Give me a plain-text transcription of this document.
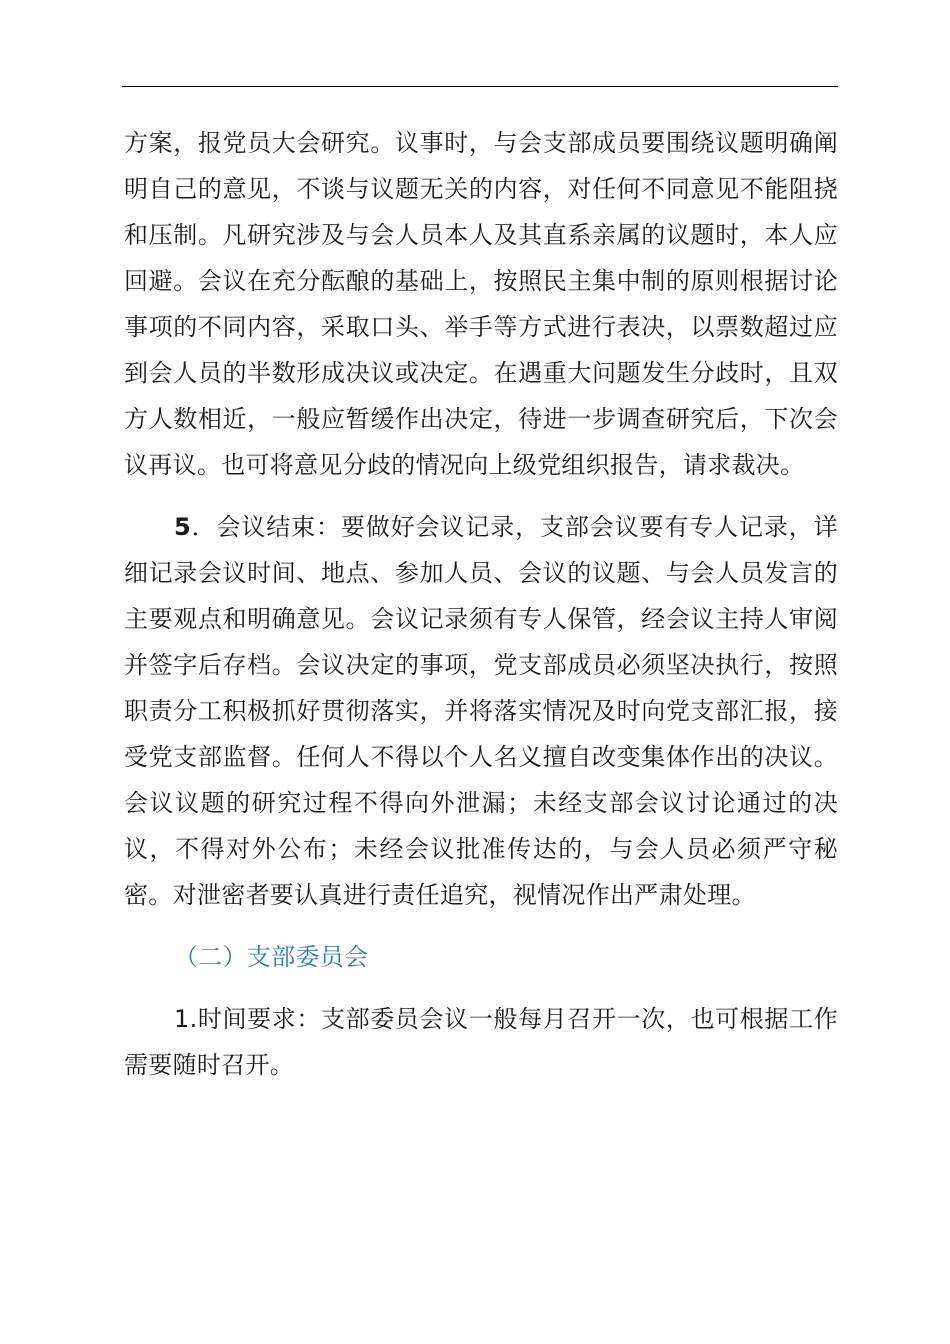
方案，报党员大会研究。议事时，与会支部成员要围绕议题明确阐明自己的意见，不谈与议题无关的内容，对任何不同意见不能阻挠和压制。凡研究涉及与会人员本人及其直系亲属的议题时，本人应回避。会议在充分酝酿的基础上，按照民主集中制的原则根据讨论事项的不同内容，采取口头、举手等方式进行表决，以票数超过应到会人员的半数形成决议或决定。在遇重大问题发生分歧时，且双方人数相近，一般应暂缓作出决定，待进一步调查研究后，下次会议再议。也可将意见分歧的情况向上级党组织报告，请求裁决。

5．会议结束：要做好会议记录，支部会议要有专人记录，详细记录会议时间、地点、参加人员、会议的议题、与会人员发言的主要观点和明确意见。会议记录须有专人保管，经会议主持人审阅并签字后存档。会议决定的事项，党支部成员必须坚决执行，按照职责分工积极抓好贯彻落实，并将落实情况及时向党支部汇报，接受党支部监督。任何人不得以个人名义擅自改变集体作出的决议。会议议题的研究过程不得向外泄漏；未经支部会议讨论通过的决议，不得对外公布；未经会议批准传达的，与会人员必须严守秘密。对泄密者要认真进行责任追究，视情况作出严肃处理。

（二）支部委员会

1.时间要求：支部委员会议一般每月召开一次，也可根据工作需要随时召开。
